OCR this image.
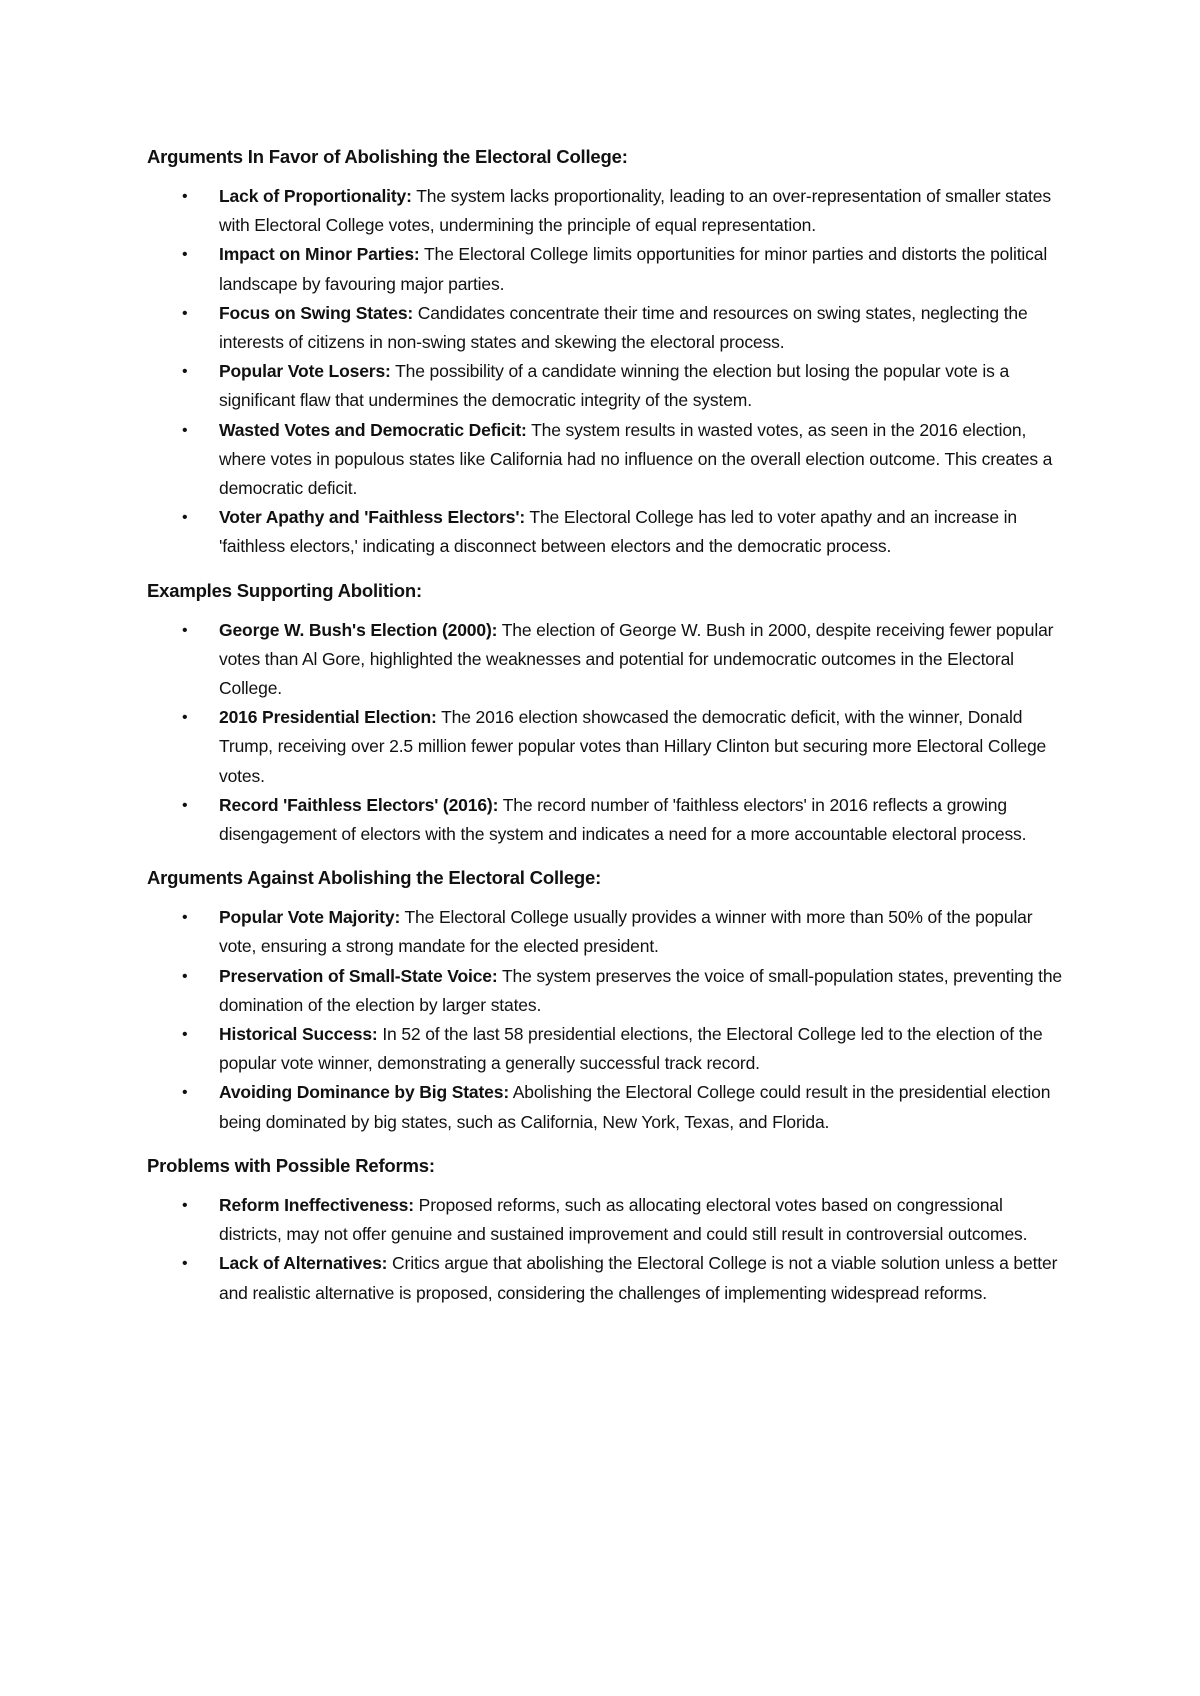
Arguments In Favor of Abolishing the Electoral College:
• Lack of Proportionality: The system lacks proportionality, leading to an over-representation of smaller states with Electoral College votes, undermining the principle of equal representation.
• Impact on Minor Parties: The Electoral College limits opportunities for minor parties and distorts the political landscape by favouring major parties.
• Focus on Swing States: Candidates concentrate their time and resources on swing states, neglecting the interests of citizens in non-swing states and skewing the electoral process.
• Popular Vote Losers: The possibility of a candidate winning the election but losing the popular vote is a significant flaw that undermines the democratic integrity of the system.
• Wasted Votes and Democratic Deficit: The system results in wasted votes, as seen in the 2016 election, where votes in populous states like California had no influence on the overall election outcome. This creates a democratic deficit.
• Voter Apathy and 'Faithless Electors': The Electoral College has led to voter apathy and an increase in 'faithless electors,' indicating a disconnect between electors and the democratic process.
Examples Supporting Abolition:
• George W. Bush's Election (2000): The election of George W. Bush in 2000, despite receiving fewer popular votes than Al Gore, highlighted the weaknesses and potential for undemocratic outcomes in the Electoral College.
• 2016 Presidential Election: The 2016 election showcased the democratic deficit, with the winner, Donald Trump, receiving over 2.5 million fewer popular votes than Hillary Clinton but securing more Electoral College votes.
• Record 'Faithless Electors' (2016): The record number of 'faithless electors' in 2016 reflects a growing disengagement of electors with the system and indicates a need for a more accountable electoral process.
Arguments Against Abolishing the Electoral College:
• Popular Vote Majority: The Electoral College usually provides a winner with more than 50% of the popular vote, ensuring a strong mandate for the elected president.
• Preservation of Small-State Voice: The system preserves the voice of small-population states, preventing the domination of the election by larger states.
• Historical Success: In 52 of the last 58 presidential elections, the Electoral College led to the election of the popular vote winner, demonstrating a generally successful track record.
• Avoiding Dominance by Big States: Abolishing the Electoral College could result in the presidential election being dominated by big states, such as California, New York, Texas, and Florida.
Problems with Possible Reforms:
• Reform Ineffectiveness: Proposed reforms, such as allocating electoral votes based on congressional districts, may not offer genuine and sustained improvement and could still result in controversial outcomes.
• Lack of Alternatives: Critics argue that abolishing the Electoral College is not a viable solution unless a better and realistic alternative is proposed, considering the challenges of implementing widespread reforms.
